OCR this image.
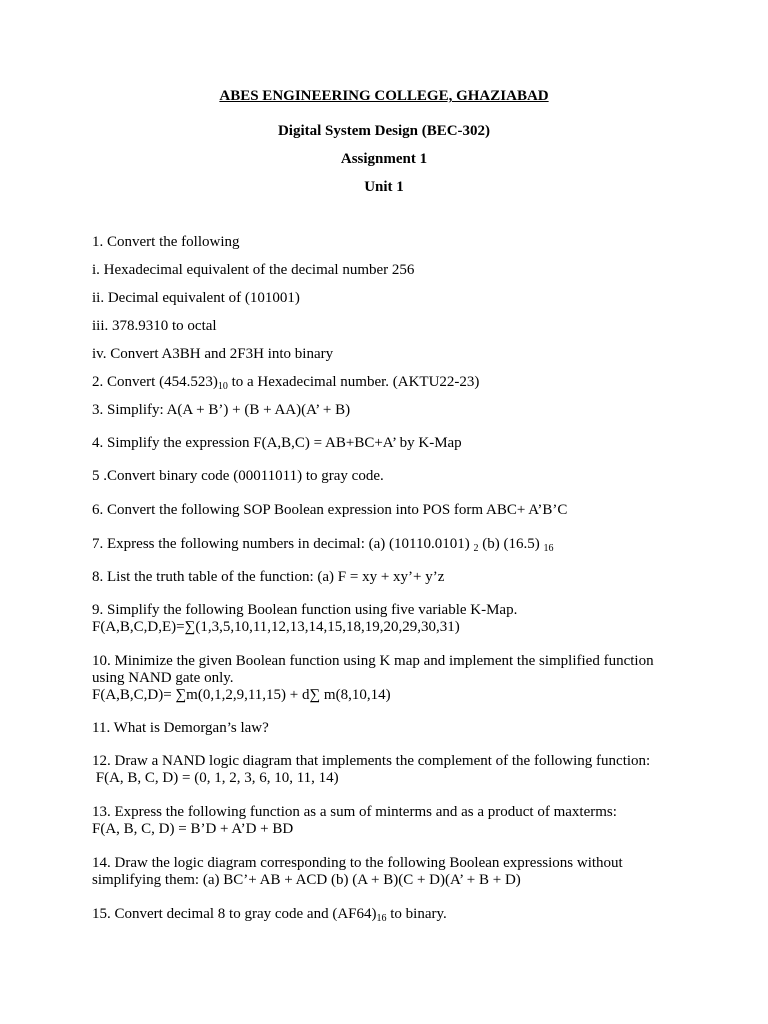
ABES ENGINEERING COLLEGE, GHAZIABAD
Digital System Design (BEC-302)
Assignment 1
Unit 1
1. Convert the following
i. Hexadecimal equivalent of the decimal number 256
ii. Decimal equivalent of (101001)
iii. 378.9310 to octal
iv. Convert A3BH and 2F3H into binary
2. Convert $(454.523)_{10}$ to a Hexadecimal number. (AKTU22-23)
3. Simplify: A(A + B’) + (B + AA)(A’ + B)
4. Simplify the expression F(A,B,C) = AB+BC+A’ by K-Map
5 .Convert binary code (00011011) to gray code.
6. Convert the following SOP Boolean expression into POS form ABC+ A’B’C
7. Express the following numbers in decimal: (a) (10110.0101) $_2$ (b) (16.5) $_{16}$
8. List the truth table of the function: (a) F = xy + xy’+ y’z
9. Simplify the following Boolean function using five variable K-Map.
F(A,B,C,D,E)=∑(1,3,5,10,11,12,13,14,15,18,19,20,29,30,31)
10. Minimize the given Boolean function using K map and implement the simplified function
using NAND gate only.
F(A,B,C,D)= ∑m(0,1,2,9,11,15) + d∑ m(8,10,14)
11. What is Demorgan’s law?
12. Draw a NAND logic diagram that implements the complement of the following function:
F(A, B, C, D) = (0, 1, 2, 3, 6, 10, 11, 14)
13. Express the following function as a sum of minterms and as a product of maxterms:
F(A, B, C, D) = B’D + A’D + BD
14. Draw the logic diagram corresponding to the following Boolean expressions without
simplifying them: (a) BC’+ AB + ACD (b) (A + B)(C + D)(A’ + B + D)
15. Convert decimal 8 to gray code and $(AF64)_{16}$ to binary.
